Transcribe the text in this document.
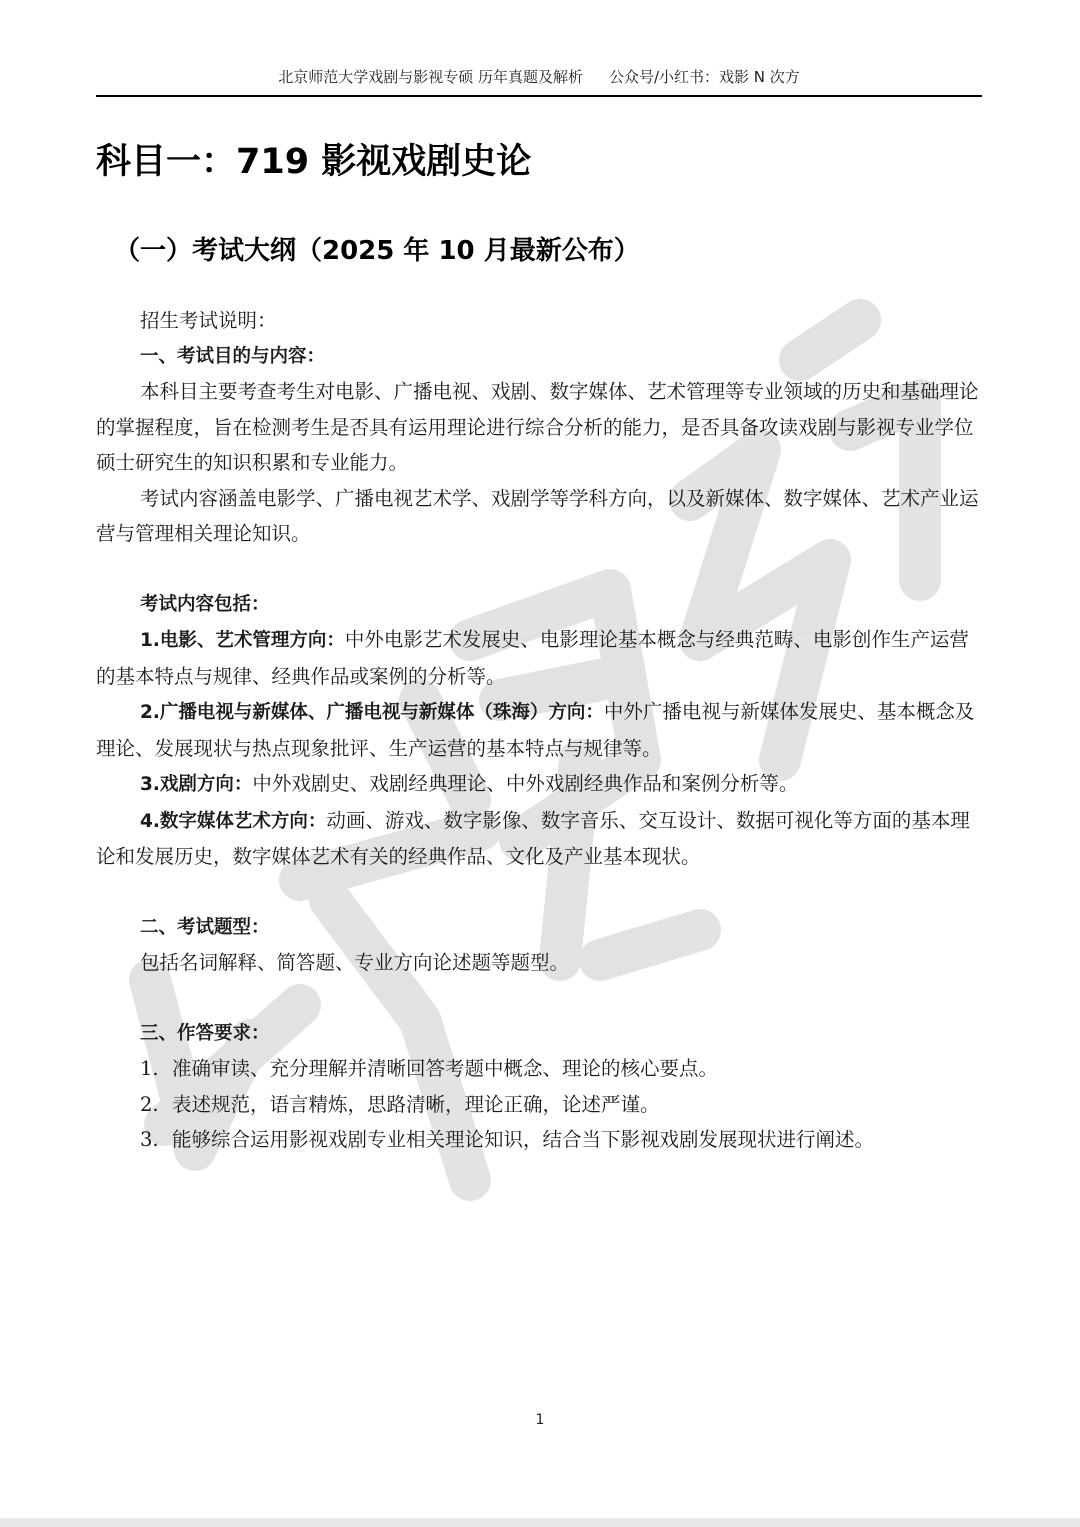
北京师范大学戏剧与影视专硕 历年真题及解析 公众号/小红书：戏影 N 次方
科目一：719 影视戏剧史论
（一）考试大纲（2025 年 10 月最新公布）

招生考试说明：

一、考试目的与内容：

本科目主要考查考生对电影、广播电视、戏剧、数字媒体、艺术管理等专业领域的历史和基础理论的掌握程度，旨在检测考生是否具有运用理论进行综合分析的能力，是否具备攻读戏剧与影视专业学位硕士研究生的知识积累和专业能力。

考试内容涵盖电影学、广播电视艺术学、戏剧学等学科方向，以及新媒体、数字媒体、艺术产业运营与管理相关理论知识。

考试内容包括：

1.电影、艺术管理方向：中外电影艺术发展史、电影理论基本概念与经典范畴、电影创作生产运营的基本特点与规律、经典作品或案例的分析等。

2.广播电视与新媒体、广播电视与新媒体（珠海）方向：中外广播电视与新媒体发展史、基本概念及理论、发展现状与热点现象批评、生产运营的基本特点与规律等。

3.戏剧方向：中外戏剧史、戏剧经典理论、中外戏剧经典作品和案例分析等。

4.数字媒体艺术方向：动画、游戏、数字影像、数字音乐、交互设计、数据可视化等方面的基本理论和发展历史，数字媒体艺术有关的经典作品、文化及产业基本现状。

二、考试题型：

包括名词解释、简答题、专业方向论述题等题型。

三、作答要求：

1. 准确审读、充分理解并清晰回答考题中概念、理论的核心要点。

2. 表述规范，语言精炼，思路清晰，理论正确，论述严谨。

3. 能够综合运用影视戏剧专业相关理论知识，结合当下影视戏剧发展现状进行阐述。

1
